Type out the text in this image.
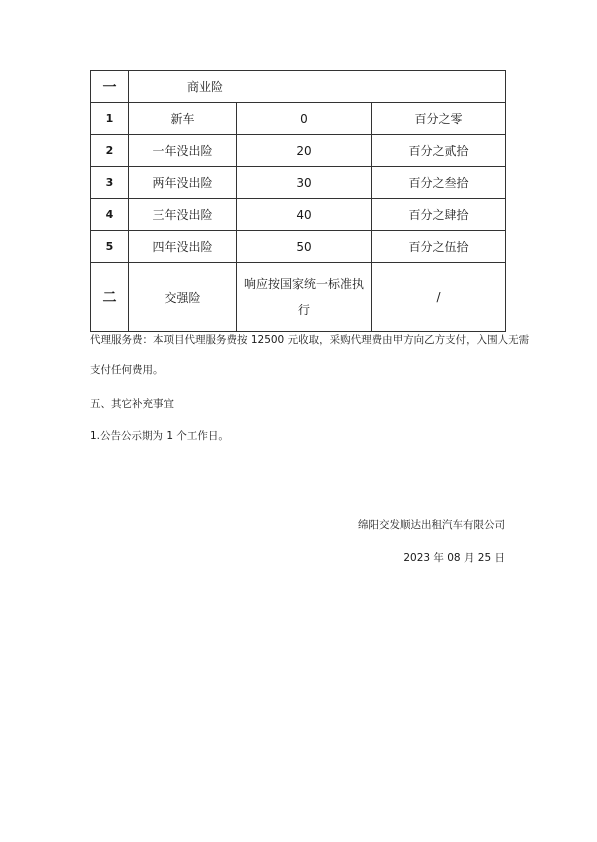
一	商业险		
1	新车	0	百分之零
2	一年没出险	20	百分之贰拾
3	两年没出险	30	百分之叁拾
4	三年没出险	40	百分之肆拾
5	四年没出险	50	百分之伍拾
二	交强险	响应按国家统一标准执行	/
代理服务费：本项目代理服务费按 12500 元收取，采购代理费由甲方向乙方支付，入围人无需
支付任何费用。
五、其它补充事宜
1.公告公示期为 1 个工作日。
绵阳交发顺达出租汽车有限公司
2023 年 08 月 25 日
